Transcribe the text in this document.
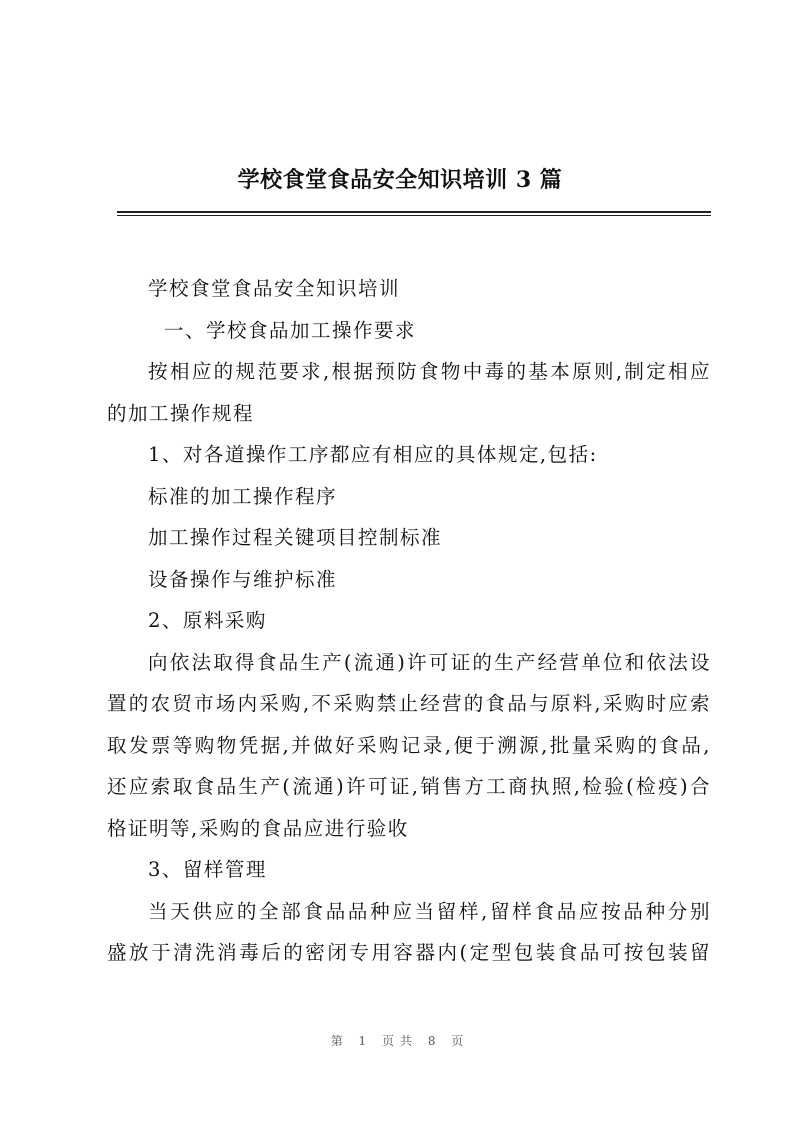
学校食堂食品安全知识培训 3 篇

学校食堂食品安全知识培训

一、学校食品加工操作要求

按相应的规范要求,根据预防食物中毒的基本原则,制定相应

的加工操作规程

1、对各道操作工序都应有相应的具体规定,包括:

标准的加工操作程序

加工操作过程关键项目控制标准

设备操作与维护标准

2、原料采购

向依法取得食品生产(流通)许可证的生产经营单位和依法设

置的农贸市场内采购,不采购禁止经营的食品与原料,采购时应索

取发票等购物凭据,并做好采购记录,便于溯源,批量采购的食品,

还应索取食品生产(流通)许可证,销售方工商执照,检验(检疫)合

格证明等,采购的食品应进行验收

3、留样管理

当天供应的全部食品品种应当留样,留样食品应按品种分别

盛放于清洗消毒后的密闭专用容器内(定型包装食品可按包装留

第 1 页共 8 页
